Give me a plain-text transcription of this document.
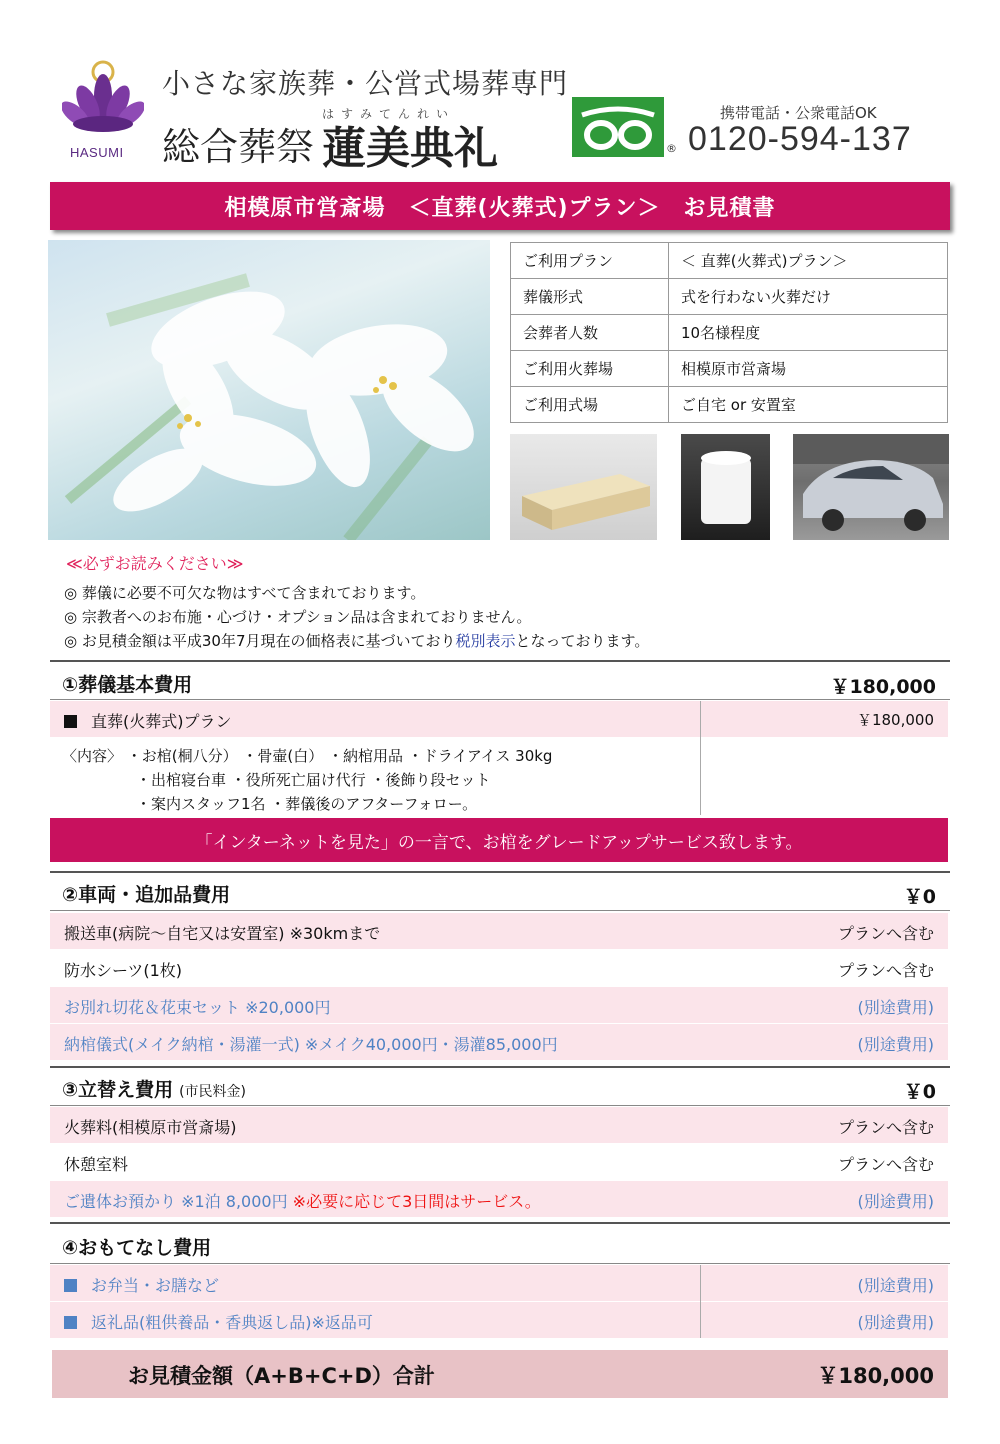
HASUMI
小さな家族葬・公営式場葬専門
はすみてんれい
総合葬祭 蓮美典礼	®
携帯電話・公衆電話OK
0120-594-137
相模原市営斎場　＜直葬(火葬式)プラン＞　お見積書
ご利用プラン	＜ 直葬(火葬式)プラン＞
葬儀形式	式を行わない火葬だけ
会葬者人数	10名様程度
ご利用火葬場	相模原市営斎場
ご利用式場	ご自宅 or 安置室
≪必ずお読みください≫
◎ 葬儀に必要不可欠な物はすべて含まれております。
◎ 宗教者へのお布施・心づけ・オプション品は含まれておりません。
◎ お見積金額は平成30年7月現在の価格表に基づいており税別表示となっております。
①葬儀基本費用	￥180,000
直葬(火葬式)プラン	￥180,000
〈内容〉 ・お棺(桐八分） ・骨壷(白） ・納棺用品 ・ドライアイス 30kg
・出棺寝台車 ・役所死亡届け代行 ・後飾り段セット
・案内スタッフ1名 ・葬儀後のアフターフォロー。
「インターネットを見た」の一言で、お棺をグレードアップサービス致します。
②車両・追加品費用	￥0
搬送車(病院～自宅又は安置室) ※30kmまで	プランへ含む
防水シーツ(1枚)	プランへ含む
お別れ切花＆花束セット ※20,000円	(別途費用)
納棺儀式(メイク納棺・湯灌一式) ※メイク40,000円・湯灌85,000円	(別途費用)
③立替え費用 (市民料金)	￥0
火葬料(相模原市営斎場)	プランへ含む
休憩室料	プランへ含む
ご遺体お預かり ※1泊 8,000円 ※必要に応じて3日間はサービス。	(別途費用)
④おもてなし費用
お弁当・お膳など	(別途費用)
返礼品(粗供養品・香典返し品)※返品可	(別途費用)
お見積金額（A+B+C+D）合計	￥180,000
